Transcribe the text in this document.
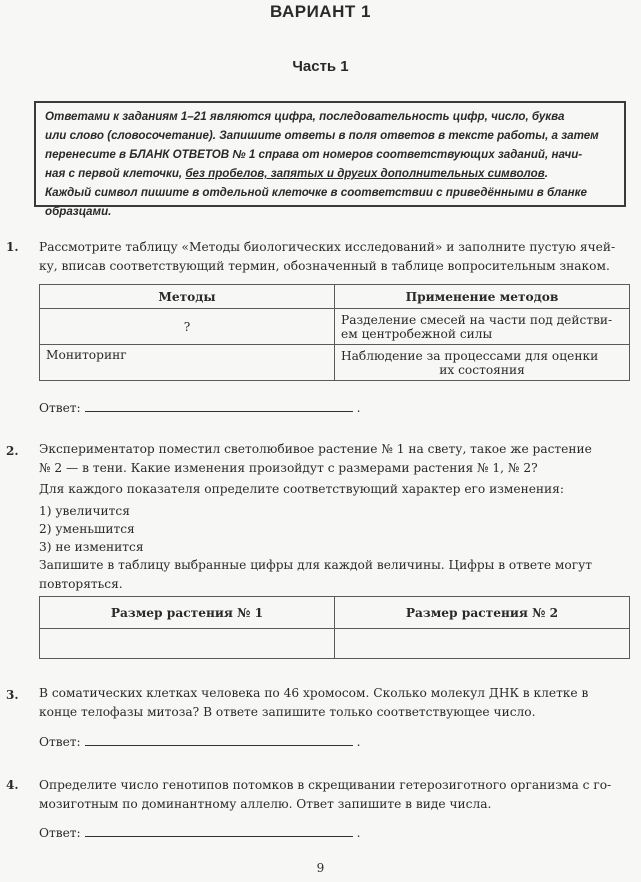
ВАРИАНТ 1
Часть 1
Ответами к заданиям 1–21 являются цифра, последовательность цифр, число, буква
или слово (словосочетание). Запишите ответы в поля ответов в тексте работы, а затем
перенесите в БЛАНК ОТВЕТОВ № 1 справа от номеров соответствующих заданий, начи-
ная с первой клеточки, без пробелов, запятых и других дополнительных символов.
Каждый символ пишите в отдельной клеточке в соответствии с приведёнными в бланке
образцами.
1. Рассмотрите таблицу «Методы биологических исследований» и заполните пустую ячей-
ку, вписав соответствующий термин, обозначенный в таблице вопросительным знаком.
Методы	Применение методов
?	Разделение смесей на части под действи-
ем центробежной силы
Мониторинг	Наблюдение за процессами для оценки
их состояния
Ответ:	.
2. Экспериментатор поместил светолюбивое растение № 1 на свету, такое же растение
№ 2 — в тени. Какие изменения произойдут с размерами растения № 1, № 2?
Для каждого показателя определите соответствующий характер его изменения:
1) увеличится
2) уменьшится
3) не изменится
Запишите в таблицу выбранные цифры для каждой величины. Цифры в ответе могут
повторяться.
Размер растения № 1	Размер растения № 2

3. В соматических клетках человека по 46 хромосом. Сколько молекул ДНК в клетке в
конце телофазы митоза? В ответе запишите только соответствующее число.
Ответ:	.
4. Определите число генотипов потомков в скрещивании гетерозиготного организма с го-
мозиготным по доминантному аллелю. Ответ запишите в виде числа.
Ответ:	.
9
